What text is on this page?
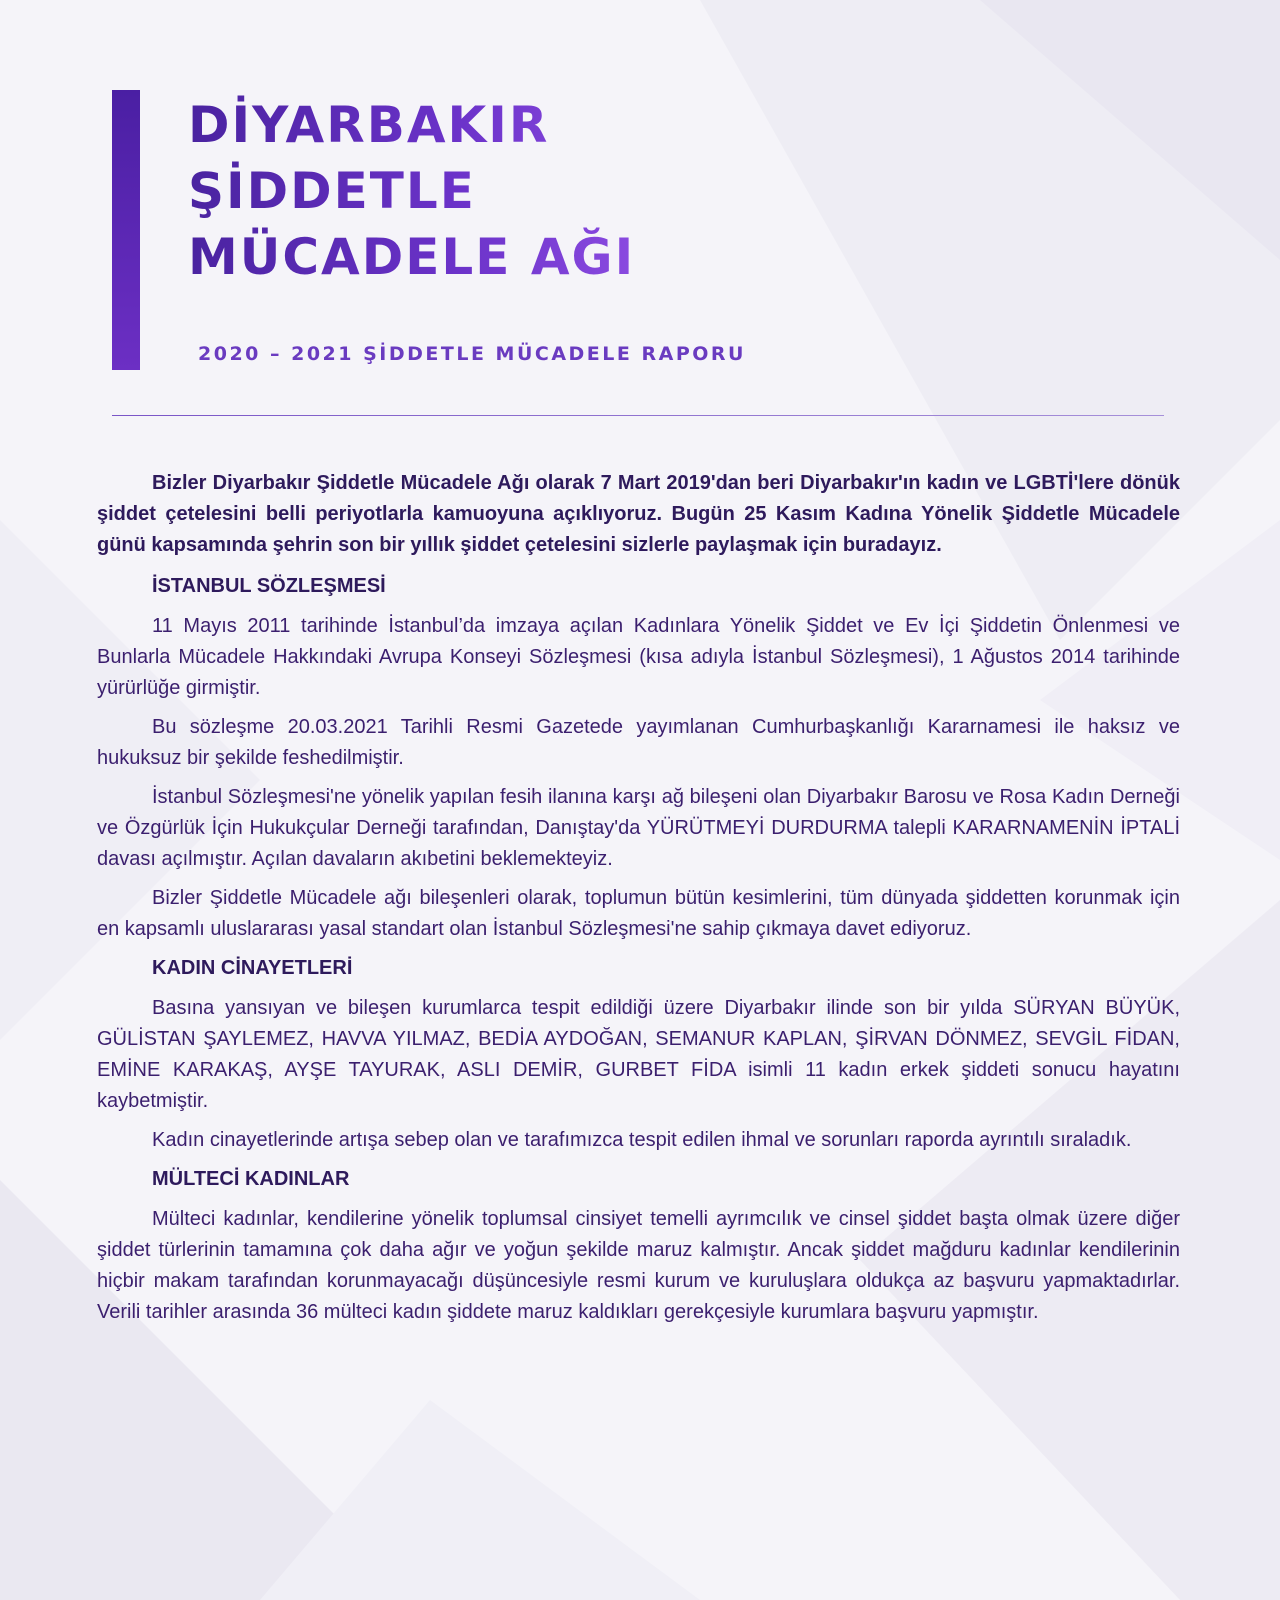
DİYARBAKIR
ŞİDDETLE
MÜCADELE AĞI
2020 – 2021 ŞİDDETLE MÜCADELE RAPORU

Bizler Diyarbakır Şiddetle Mücadele Ağı olarak 7 Mart 2019'dan beri Diyarbakır'ın kadın ve LGBTİ'lere dönük şiddet çetelesini belli periyotlarla kamuoyuna açıklıyoruz. Bugün 25 Kasım Kadına Yönelik Şiddetle Mücadele günü kapsamında şehrin son bir yıllık şiddet çetelesini sizlerle paylaşmak için buradayız.

İSTANBUL SÖZLEŞMESİ

11 Mayıs 2011 tarihinde İstanbul’da imzaya açılan Kadınlara Yönelik Şiddet ve Ev İçi Şiddetin Önlenmesi ve Bunlarla Mücadele Hakkındaki Avrupa Konseyi Sözleşmesi (kısa adıyla İstanbul Sözleşmesi), 1 Ağustos 2014 tarihinde yürürlüğe girmiştir.

Bu sözleşme 20.03.2021 Tarihli Resmi Gazetede yayımlanan Cumhurbaşkanlığı Kararnamesi ile haksız ve hukuksuz bir şekilde feshedilmiştir.

İstanbul Sözleşmesi'ne yönelik yapılan fesih ilanına karşı ağ bileşeni olan Diyarbakır Barosu ve Rosa Kadın Derneği ve Özgürlük İçin Hukukçular Derneği tarafından, Danıştay'da YÜRÜTMEYİ DURDURMA talepli KARARNAMENİN İPTALİ davası açılmıştır. Açılan davaların akıbetini beklemekteyiz.

Bizler Şiddetle Mücadele ağı bileşenleri olarak, toplumun bütün kesimlerini, tüm dünyada şiddetten korunmak için en kapsamlı uluslararası yasal standart olan İstanbul Sözleşmesi'ne sahip çıkmaya davet ediyoruz.

KADIN CİNAYETLERİ

Basına yansıyan ve bileşen kurumlarca tespit edildiği üzere Diyarbakır ilinde son bir yılda SÜRYAN BÜYÜK, GÜLİSTAN ŞAYLEMEZ, HAVVA YILMAZ, BEDİA AYDOĞAN, SEMANUR KAPLAN, ŞİRVAN DÖNMEZ, SEVGİL FİDAN, EMİNE KARAKAŞ, AYŞE TAYURAK, ASLI DEMİR, GURBET FİDA isimli 11 kadın erkek şiddeti sonucu hayatını kaybetmiştir.

Kadın cinayetlerinde artışa sebep olan ve tarafımızca tespit edilen ihmal ve sorunları raporda ayrıntılı sıraladık.

MÜLTECİ KADINLAR

Mülteci kadınlar, kendilerine yönelik toplumsal cinsiyet temelli ayrımcılık ve cinsel şiddet başta olmak üzere diğer şiddet türlerinin tamamına çok daha ağır ve yoğun şekilde maruz kalmıştır. Ancak şiddet mağduru kadınlar kendilerinin hiçbir makam tarafından korunmayacağı düşüncesiyle resmi kurum ve kuruluşlara oldukça az başvuru yapmaktadırlar. Verili tarihler arasında 36 mülteci kadın şiddete maruz kaldıkları gerekçesiyle kurumlara başvuru yapmıştır.
